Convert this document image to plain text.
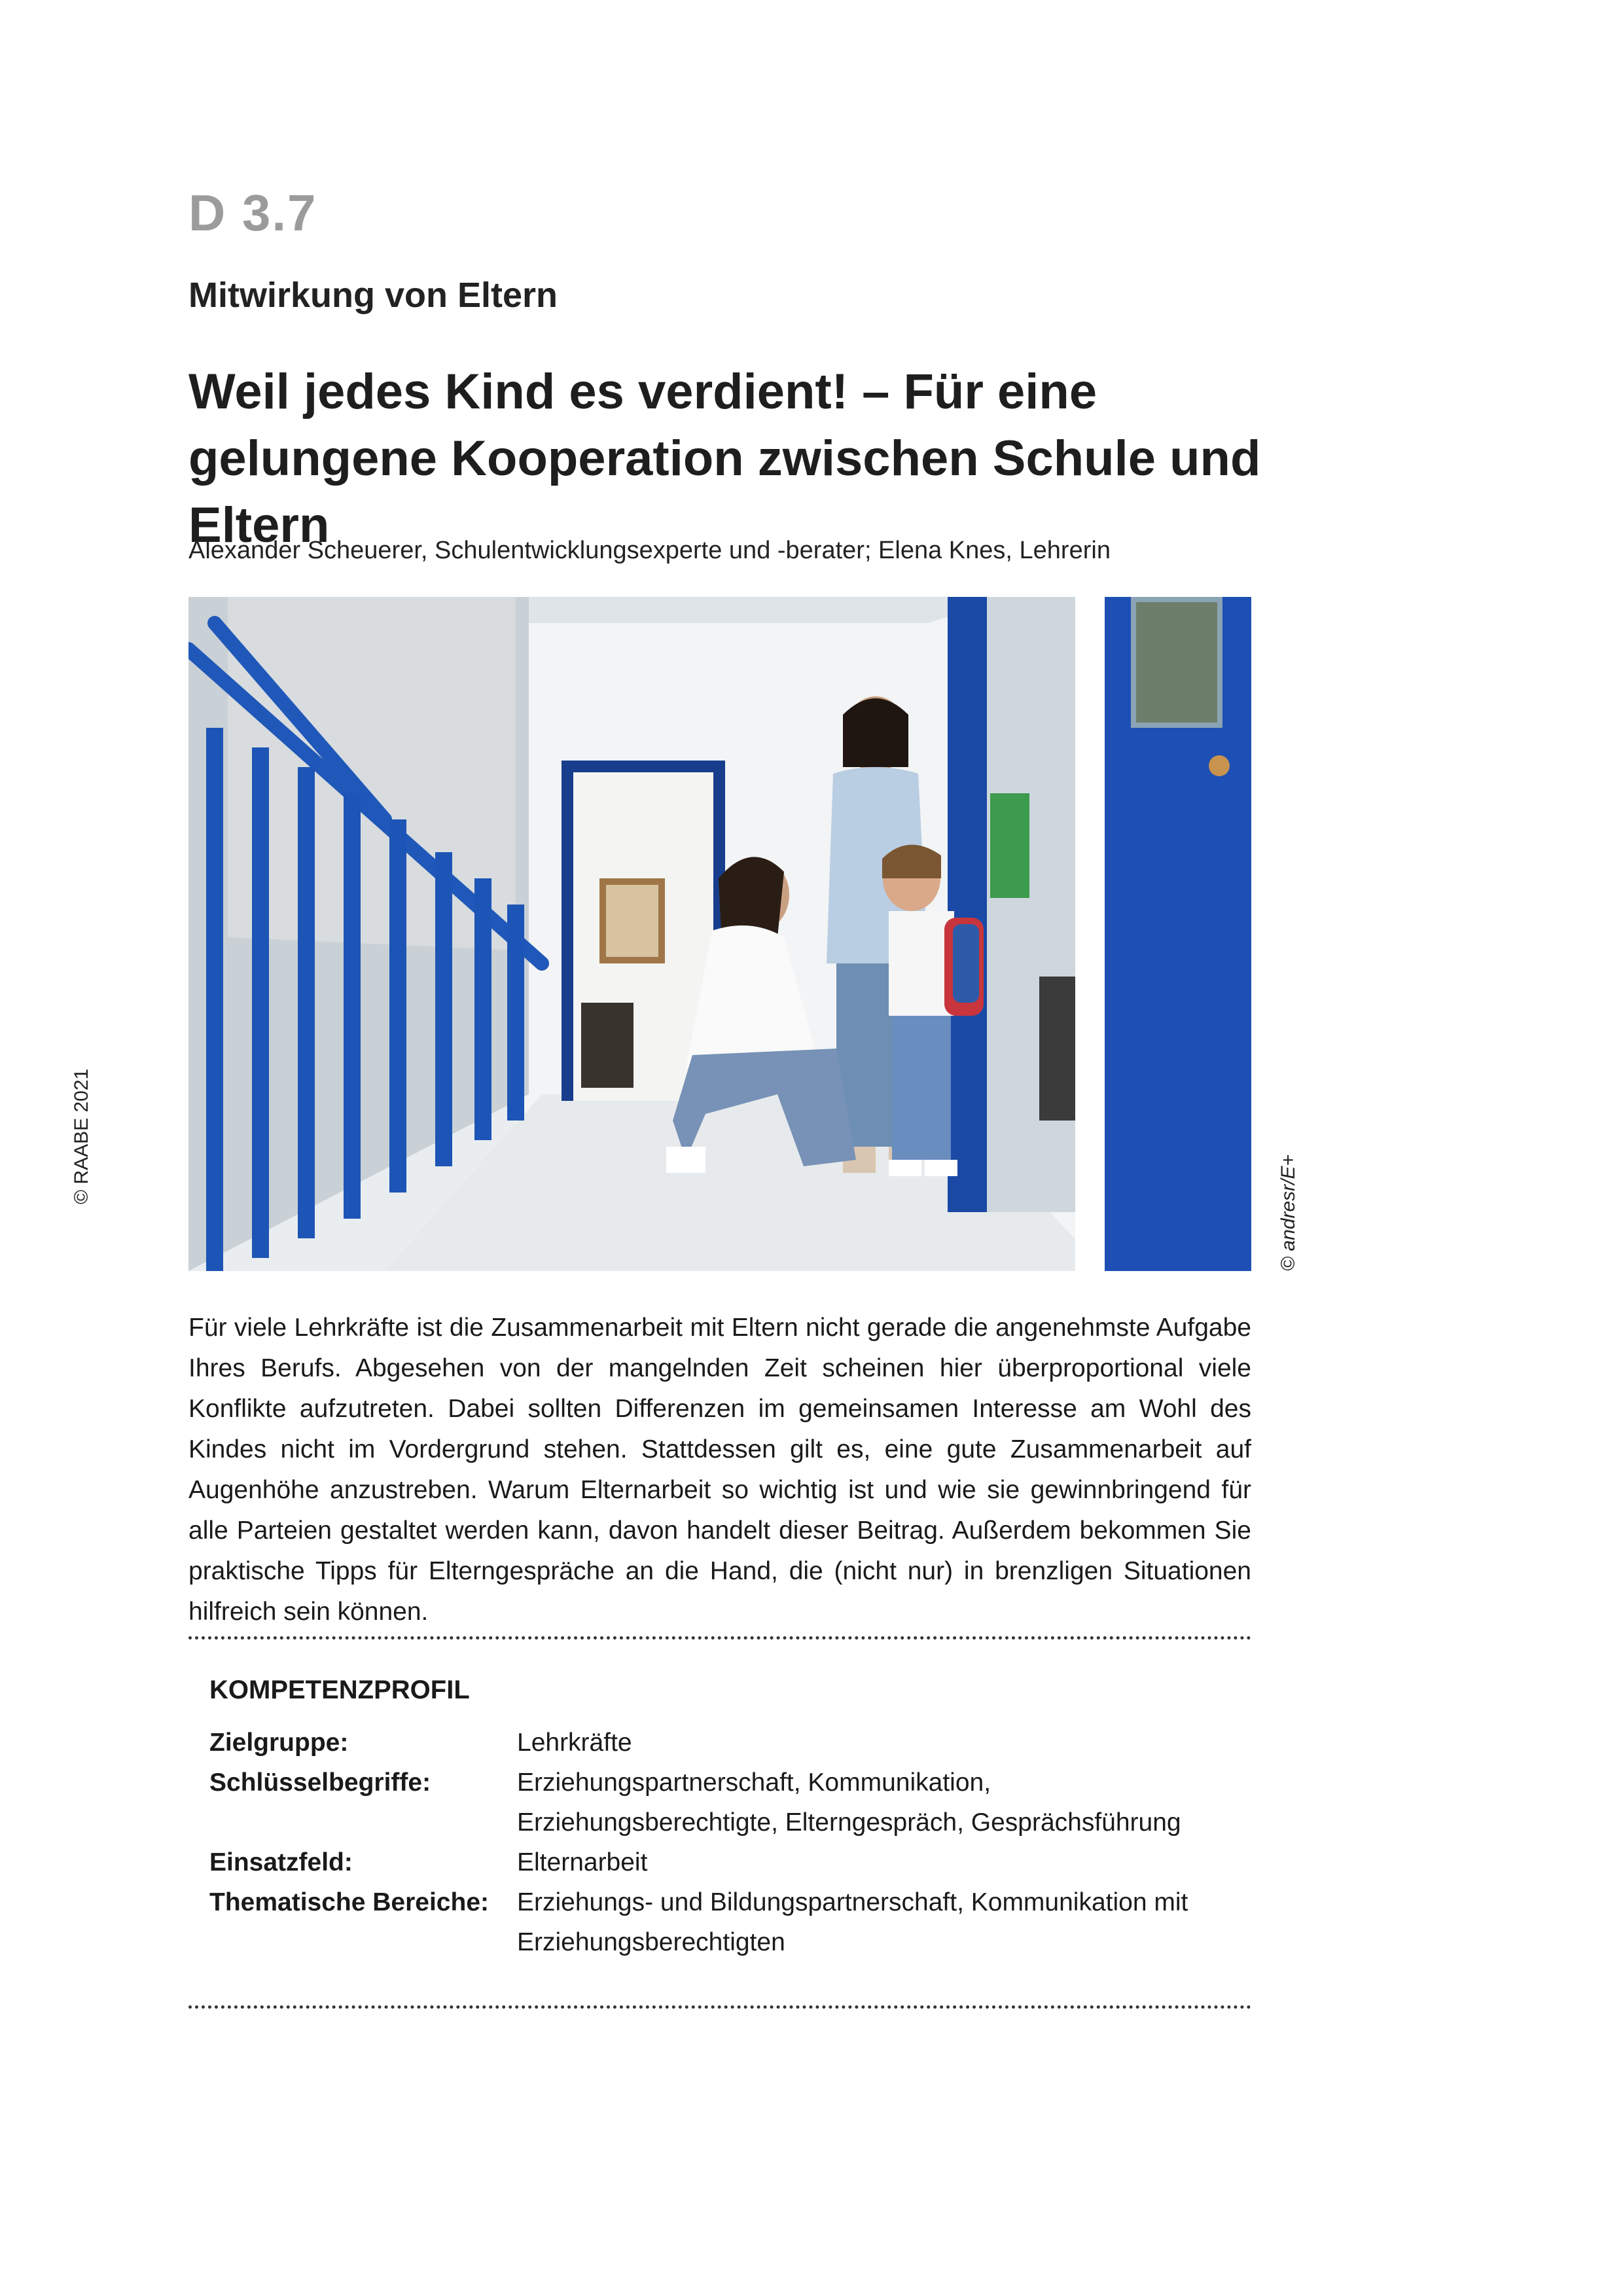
D 3.7
Mitwirkung von Eltern
Weil jedes Kind es verdient! – Für eine gelungene Kooperation zwischen Schule und Eltern
Alexander Scheuerer, Schulentwicklungsexperte und -berater; Elena Knes, Lehrerin
© andresr/E+
© RAABE 2021
Für viele Lehrkräfte ist die Zusammenarbeit mit Eltern nicht gerade die angenehmste Aufgabe Ihres Berufs. Abgesehen von der mangelnden Zeit scheinen hier überproportional viele Konflikte aufzutreten. Dabei sollten Differenzen im gemeinsamen Interesse am Wohl des Kindes nicht im Vordergrund stehen. Stattdessen gilt es, eine gute Zusammenarbeit auf Augenhöhe anzustreben. Warum Elternarbeit so wichtig ist und wie sie gewinnbringend für alle Parteien gestaltet werden kann, davon handelt dieser Beitrag. Außerdem bekommen Sie praktische Tipps für Elterngespräche an die Hand, die (nicht nur) in brenzligen Situationen hilfreich sein können.
KOMPETENZPROFIL
Zielgruppe:	Lehrkräfte
Schlüsselbegriffe:	Erziehungspartnerschaft, Kommunikation, Erziehungsberechtigte, Elterngespräch, Gesprächsführung
Einsatzfeld:	Elternarbeit
Thematische Bereiche:	Erziehungs- und Bildungspartnerschaft, Kommunikation mit Erziehungsberechtigten
